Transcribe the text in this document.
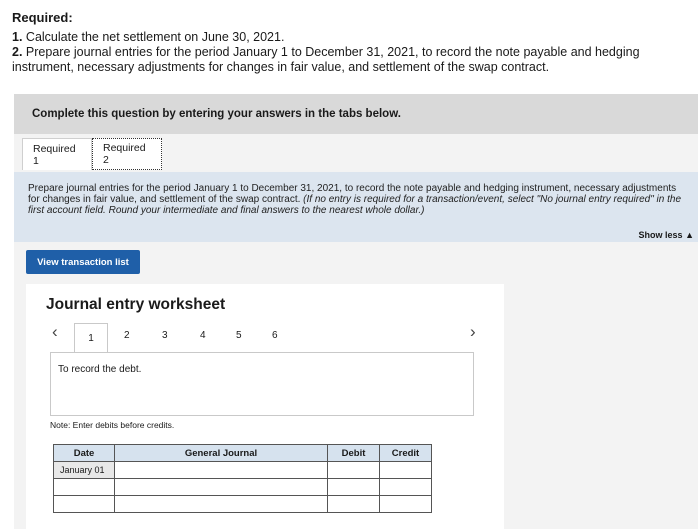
Required:
1. Calculate the net settlement on June 30, 2021.
2. Prepare journal entries for the period January 1 to December 31, 2021, to record the note payable and hedging instrument, necessary adjustments for changes in fair value, and settlement of the swap contract.
Complete this question by entering your answers in the tabs below.
Required 1
Required 2
Prepare journal entries for the period January 1 to December 31, 2021, to record the note payable and hedging instrument, necessary adjustments for changes in fair value, and settlement of the swap contract. (If no entry is required for a transaction/event, select "No journal entry required" in the first account field. Round your intermediate and final answers to the nearest whole dollar.)
Show less ▲
View transaction list
Journal entry worksheet
‹	1	2	3	4	5	6	›
To record the debt.
Note: Enter debits before credits.
Date	General Journal	Debit	Credit
January 01			
